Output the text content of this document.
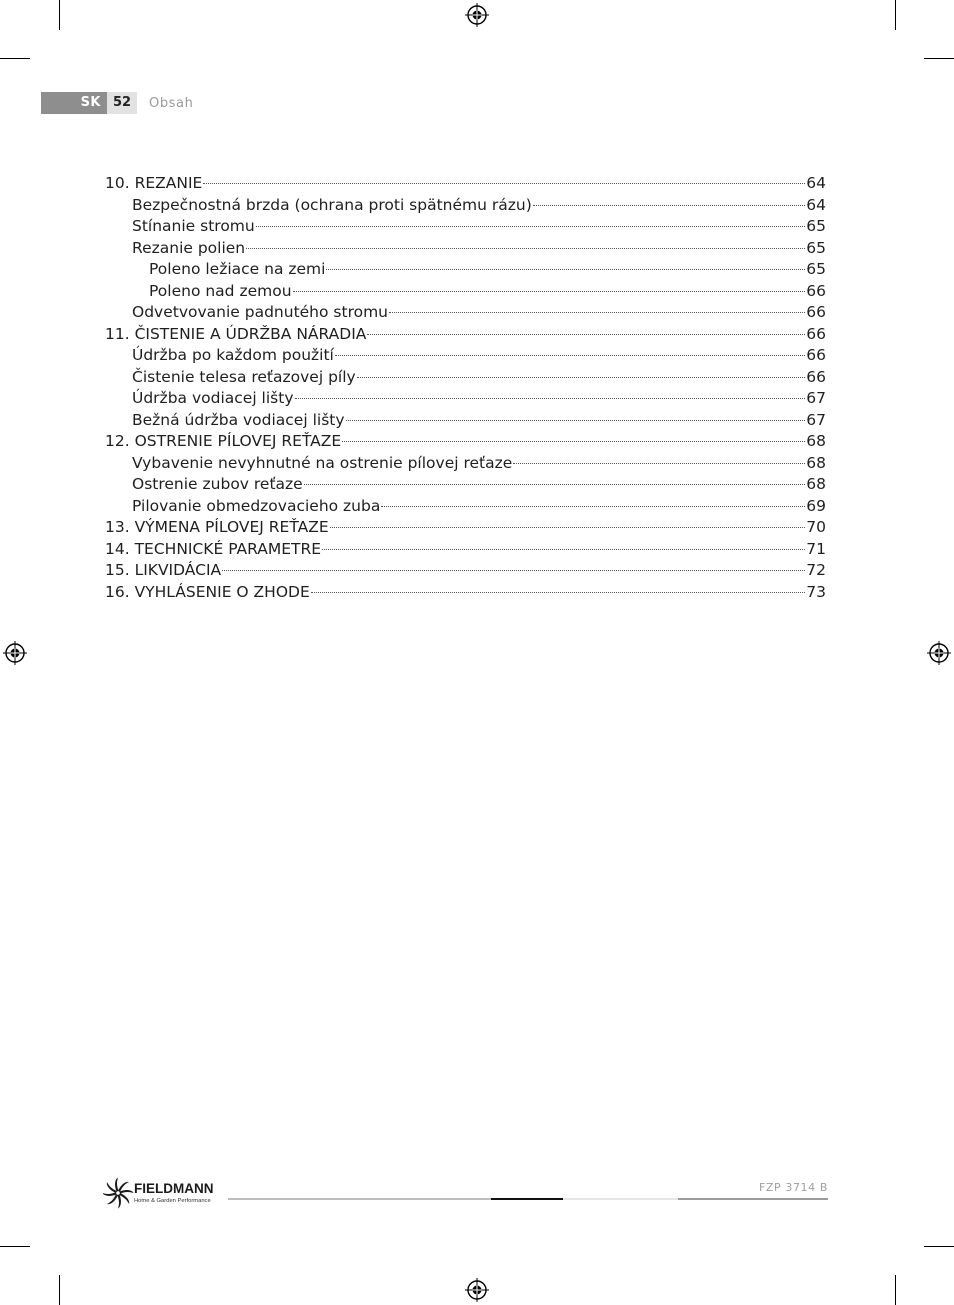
SK 52	Obsah
10. REZANIE	64
Bezpečnostná brzda (ochrana proti spätnému rázu)	64
Stínanie stromu	65
Rezanie polien	65
Poleno ležiace na zemi	65
Poleno nad zemou	66
Odvetvovanie padnutého stromu	66
11. ČISTENIE A ÚDRŽBA NÁRADIA	66
Údržba po každom použití	66
Čistenie telesa reťazovej píly	66
Údržba vodiacej lišty	67
Bežná údržba vodiacej lišty	67
12. OSTRENIE PÍLOVEJ REŤAZE	68
Vybavenie nevyhnutné na ostrenie pílovej reťaze	68
Ostrenie zubov reťaze	68
Pilovanie obmedzovacieho zuba	69
13. VÝMENA PÍLOVEJ REŤAZE	70
14. TECHNICKÉ PARAMETRE	71
15. LIKVIDÁCIA	72
16. VYHLÁSENIE O ZHODE	73
FIELDMANN
Home & Garden Performance
FZP 3714 B
